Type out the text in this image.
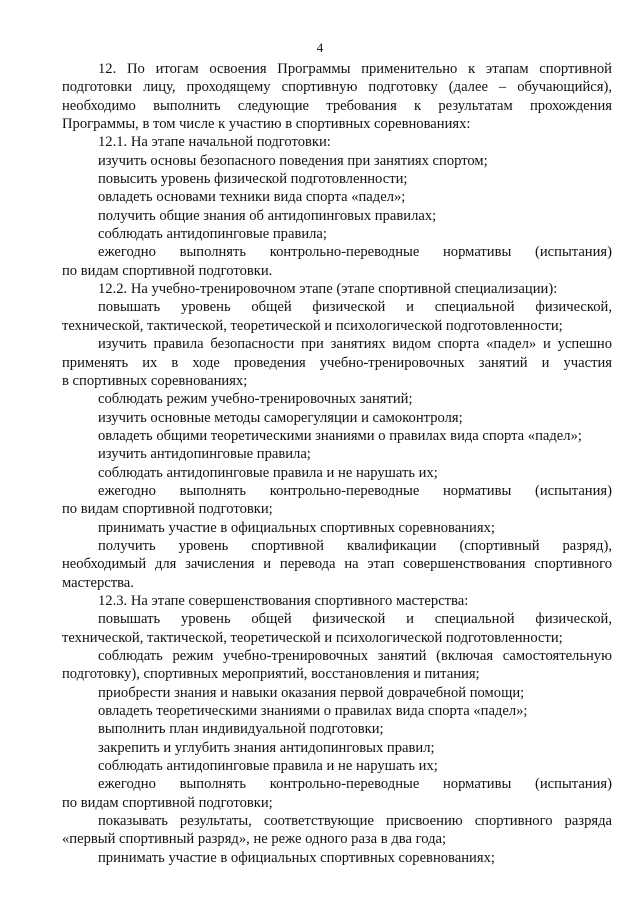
4

12. По итогам освоения Программы применительно к этапам спортивной
подготовки лицу, проходящему спортивную подготовку (далее – обучающийся),
необходимо выполнить следующие требования к результатам прохождения
Программы, в том числе к участию в спортивных соревнованиях:

12.1. На этапе начальной подготовки:

изучить основы безопасного поведения при занятиях спортом;

повысить уровень физической подготовленности;

овладеть основами техники вида спорта «падел»;

получить общие знания об антидопинговых правилах;

соблюдать антидопинговые правила;

ежегодно выполнять контрольно-переводные нормативы (испытания)
по видам спортивной подготовки.

12.2. На учебно-тренировочном этапе (этапе спортивной специализации):

повышать уровень общей физической и специальной физической,
технической, тактической, теоретической и психологической подготовленности;

изучить правила безопасности при занятиях видом спорта «падел» и успешно
применять их в ходе проведения учебно-тренировочных занятий и участия
в спортивных соревнованиях;

соблюдать режим учебно-тренировочных занятий;

изучить основные методы саморегуляции и самоконтроля;

овладеть общими теоретическими знаниями о правилах вида спорта «падел»;

изучить антидопинговые правила;

соблюдать антидопинговые правила и не нарушать их;

ежегодно выполнять контрольно-переводные нормативы (испытания)
по видам спортивной подготовки;

принимать участие в официальных спортивных соревнованиях;

получить уровень спортивной квалификации (спортивный разряд),
необходимый для зачисления и перевода на этап совершенствования спортивного
мастерства.

12.3. На этапе совершенствования спортивного мастерства:

повышать уровень общей физической и специальной физической,
технической, тактической, теоретической и психологической подготовленности;

соблюдать режим учебно-тренировочных занятий (включая самостоятельную
подготовку), спортивных мероприятий, восстановления и питания;

приобрести знания и навыки оказания первой доврачебной помощи;

овладеть теоретическими знаниями о правилах вида спорта «падел»;

выполнить план индивидуальной подготовки;

закрепить и углубить знания антидопинговых правил;

соблюдать антидопинговые правила и не нарушать их;

ежегодно выполнять контрольно-переводные нормативы (испытания)
по видам спортивной подготовки;

показывать результаты, соответствующие присвоению спортивного разряда
«первый спортивный разряд», не реже одного раза в два года;

принимать участие в официальных спортивных соревнованиях;
